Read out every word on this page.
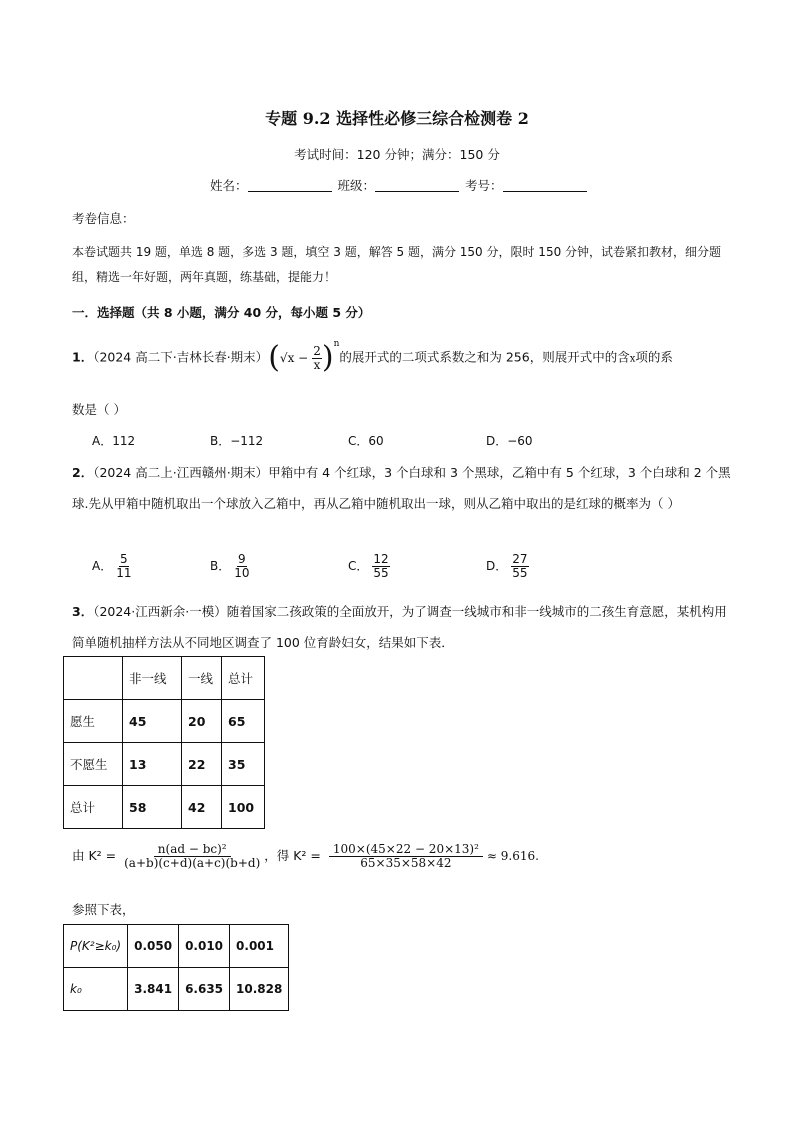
专题 9.2 选择性必修三综合检测卷 2
考试时间：120 分钟；满分：150 分
姓名：	班级：	考号：
考卷信息：
本卷试题共 19 题，单选 8 题，多选 3 题，填空 3 题，解答 5 题，满分 150 分，限时 150 分钟，试卷紧扣教材，细分题组，精选一年好题，两年真题，练基础，提能力！
一．选择题（共 8 小题，满分 40 分，每小题 5 分）
1．（2024 高二下·吉林长春·期末）$(√x - \frac{2}{x} )^n$的展开式的二项式系数之和为 256，则展开式中的含x项的系
数是（ ）
A．112	B．−112	C．60	D．−60
2．（2024 高二上·江西赣州·期末）甲箱中有 4 个红球，3 个白球和 3 个黑球，乙箱中有 5 个红球，3 个白球和 2 个黑球.先从甲箱中随机取出一个球放入乙箱中，再从乙箱中随机取出一球，则从乙箱中取出的是红球的概率为（ ）
A． $\frac{5}{11}$	B． $\frac{9}{10}$	C． $\frac{12}{55}$	D． $\frac{27}{55}$
3．（2024·江西新余·一模）随着国家二孩政策的全面放开，为了调查一线城市和非一线城市的二孩生育意愿，某机构用简单随机抽样方法从不同地区调查了 100 位育龄妇女，结果如下表．
	非一线	一线	总计
愿生	45	20	65
不愿生	13	22	35
总计	58	42	100
由 $K^2 = \frac{\text{n(ad − bc)²}}{(a+b)(c+d)(a+c)(b+d)}$ ，得 $K^2 = \frac{\text{100×(45×22 − 20×13)²}}{65\times 35\times 58\times 42} \approx 9.616$.
参照下表，
P(K²≥k₀)	0.050	0.010	0.001
k₀	3.841	6.635	10.828
